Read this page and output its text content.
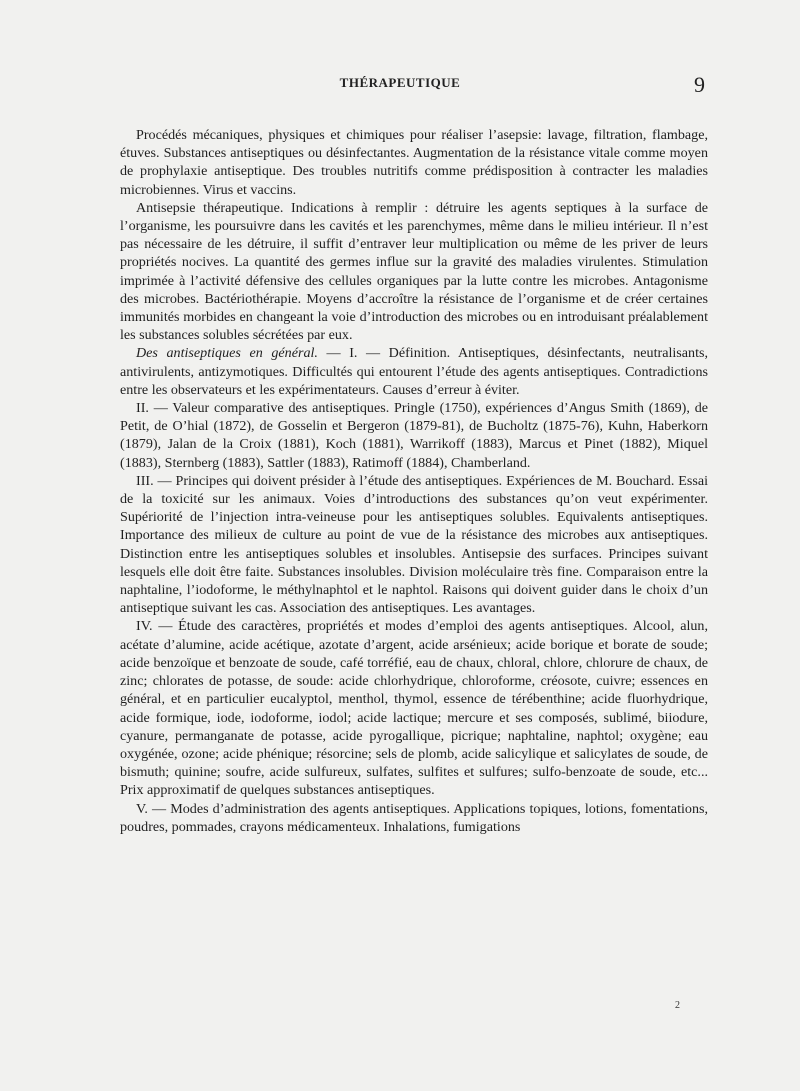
THÉRAPEUTIQUE	9

Procédés mécaniques, physiques et chimiques pour réaliser l’asepsie: lavage, filtration, flambage, étuves. Substances antiseptiques ou désinfectantes. Augmentation de la résistance vitale comme moyen de prophylaxie antiseptique. Des troubles nutritifs comme prédisposition à contracter les maladies microbiennes. Virus et vaccins.

Antisepsie thérapeutique. Indications à remplir : détruire les agents septiques à la surface de l’organisme, les poursuivre dans les cavités et les parenchymes, même dans le milieu intérieur. Il n’est pas nécessaire de les détruire, il suffit d’entraver leur multiplication ou même de les priver de leurs propriétés nocives. La quantité des germes influe sur la gravité des maladies virulentes. Stimulation imprimée à l’activité défensive des cellules organiques par la lutte contre les microbes. Antagonisme des microbes. Bactériothérapie. Moyens d’accroître la résistance de l’organisme et de créer certaines immunités morbides en changeant la voie d’introduction des microbes ou en introduisant préalablement les substances solubles sécrétées par eux.

Des antiseptiques en général. — I. — Définition. Antiseptiques, désinfectants, neutralisants, antivirulents, antizymotiques. Difficultés qui entourent l’étude des agents antiseptiques. Contradictions entre les observateurs et les expérimentateurs. Causes d’erreur à éviter.

II. — Valeur comparative des antiseptiques. Pringle (1750), expériences d’Angus Smith (1869), de Petit, de O’hial (1872), de Gosselin et Bergeron (1879-81), de Bucholtz (1875-76), Kuhn, Haberkorn (1879), Jalan de la Croix (1881), Koch (1881), Warrikoff (1883), Marcus et Pinet (1882), Miquel (1883), Sternberg (1883), Sattler (1883), Ratimoff (1884), Chamberland.

III. — Principes qui doivent présider à l’étude des antiseptiques. Expériences de M. Bouchard. Essai de la toxicité sur les animaux. Voies d’introductions des substances qu’on veut expérimenter. Supériorité de l’injection intra-veineuse pour les antiseptiques solubles. Equivalents antiseptiques. Importance des milieux de culture au point de vue de la résistance des microbes aux antiseptiques. Distinction entre les antiseptiques solubles et insolubles. Antisepsie des surfaces. Principes suivant lesquels elle doit être faite. Substances insolubles. Division moléculaire très fine. Comparaison entre la naphtaline, l’iodoforme, le méthylnaphtol et le naphtol. Raisons qui doivent guider dans le choix d’un antiseptique suivant les cas. Association des antiseptiques. Les avantages.

IV. — Étude des caractères, propriétés et modes d’emploi des agents antiseptiques. Alcool, alun, acétate d’alumine, acide acétique, azotate d’argent, acide arsénieux; acide borique et borate de soude; acide benzoïque et benzoate de soude, café torréfié, eau de chaux, chloral, chlore, chlorure de chaux, de zinc; chlorates de potasse, de soude: acide chlorhydrique, chloroforme, créosote, cuivre; essences en général, et en particulier eucalyptol, menthol, thymol, essence de térébenthine; acide fluorhydrique, acide formique, iode, iodoforme, iodol; acide lactique; mercure et ses composés, sublimé, biiodure, cyanure, permanganate de potasse, acide pyrogallique, picrique; naphtaline, naphtol; oxygène; eau oxygénée, ozone; acide phénique; résorcine; sels de plomb, acide salicylique et salicylates de soude, de bismuth; quinine; soufre, acide sulfureux, sulfates, sulfites et sulfures; sulfo-benzoate de soude, etc... Prix approximatif de quelques substances antiseptiques.

V. — Modes d’administration des agents antiseptiques. Applications topiques, lotions, fomentations, poudres, pommades, crayons médicamenteux. Inhalations, fumigations

2
